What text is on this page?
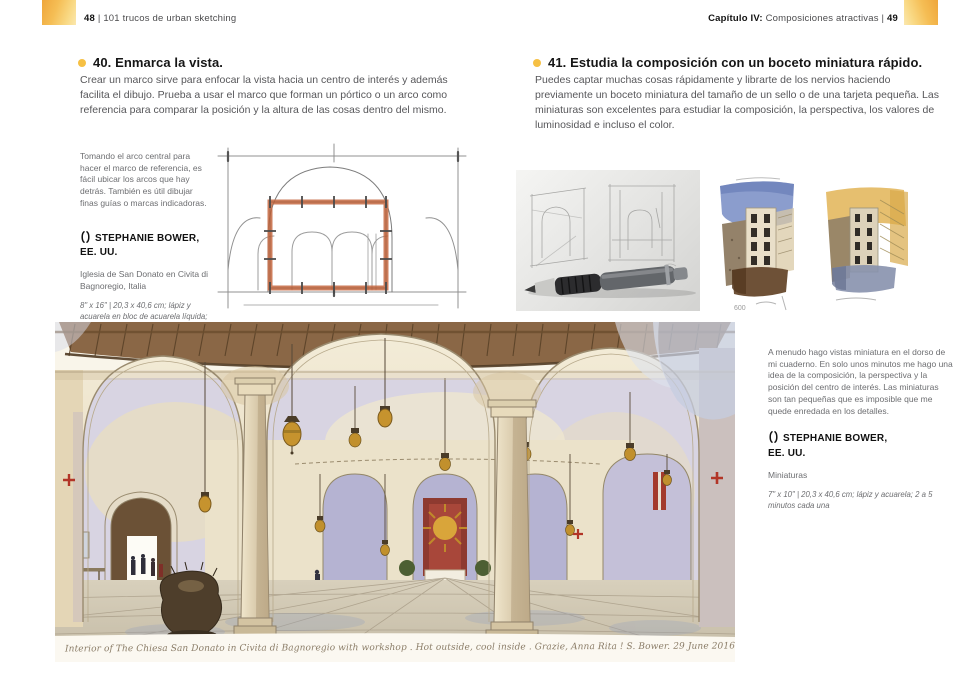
48 | 101 trucos de urban sketching	Capítulo IV: Composiciones atractivas | 49
40. Enmarca la vista.
Crear un marco sirve para enfocar la vista hacia un centro de interés y además facilita el dibujo. Prueba a usar el marco que forman un pórtico o un arco como referencia para comparar la posición y la altura de las cosas dentro del mismo.
Tomando el arco central para hacer el marco de referencia, es fácil ubicar los arcos que hay detrás. También es útil dibujar finas guías o marcas indicadoras.
STEPHANIE BOWER,
EE. UU.
Iglesia de San Donato en Civita di Bagnoregio, Italia
8" x 16" | 20,3 x 40,6 cm; lápiz y acuarela en bloc de acuarela líquida;
41. Estudia la composición con un boceto miniatura rápido.
Puedes captar muchas cosas rápidamente y librarte de los nervios haciendo previamente un boceto miniatura del tamaño de un sello o de una tarjeta pequeña. Las miniaturas son excelentes para estudiar la composición, la perspectiva, los valores de luminosidad e incluso el color.
600
Interior of The Chiesa San Donato in Civita di Bagnoregio with workshop . Hot outside, cool inside . Grazie, Anna Rita ! S. Bower. 29 June 2016
A menudo hago vistas miniatura en el dorso de mi cuaderno. En solo unos minutos me hago una idea de la composición, la perspectiva y la posición del centro de interés. Las miniaturas son tan pequeñas que es imposible que me quede enredada en los detalles.
STEPHANIE BOWER,
EE. UU.
Miniaturas
7" x 10" | 20,3 x 40,6 cm; lápiz y acuarela; 2 a 5 minutos cada una
